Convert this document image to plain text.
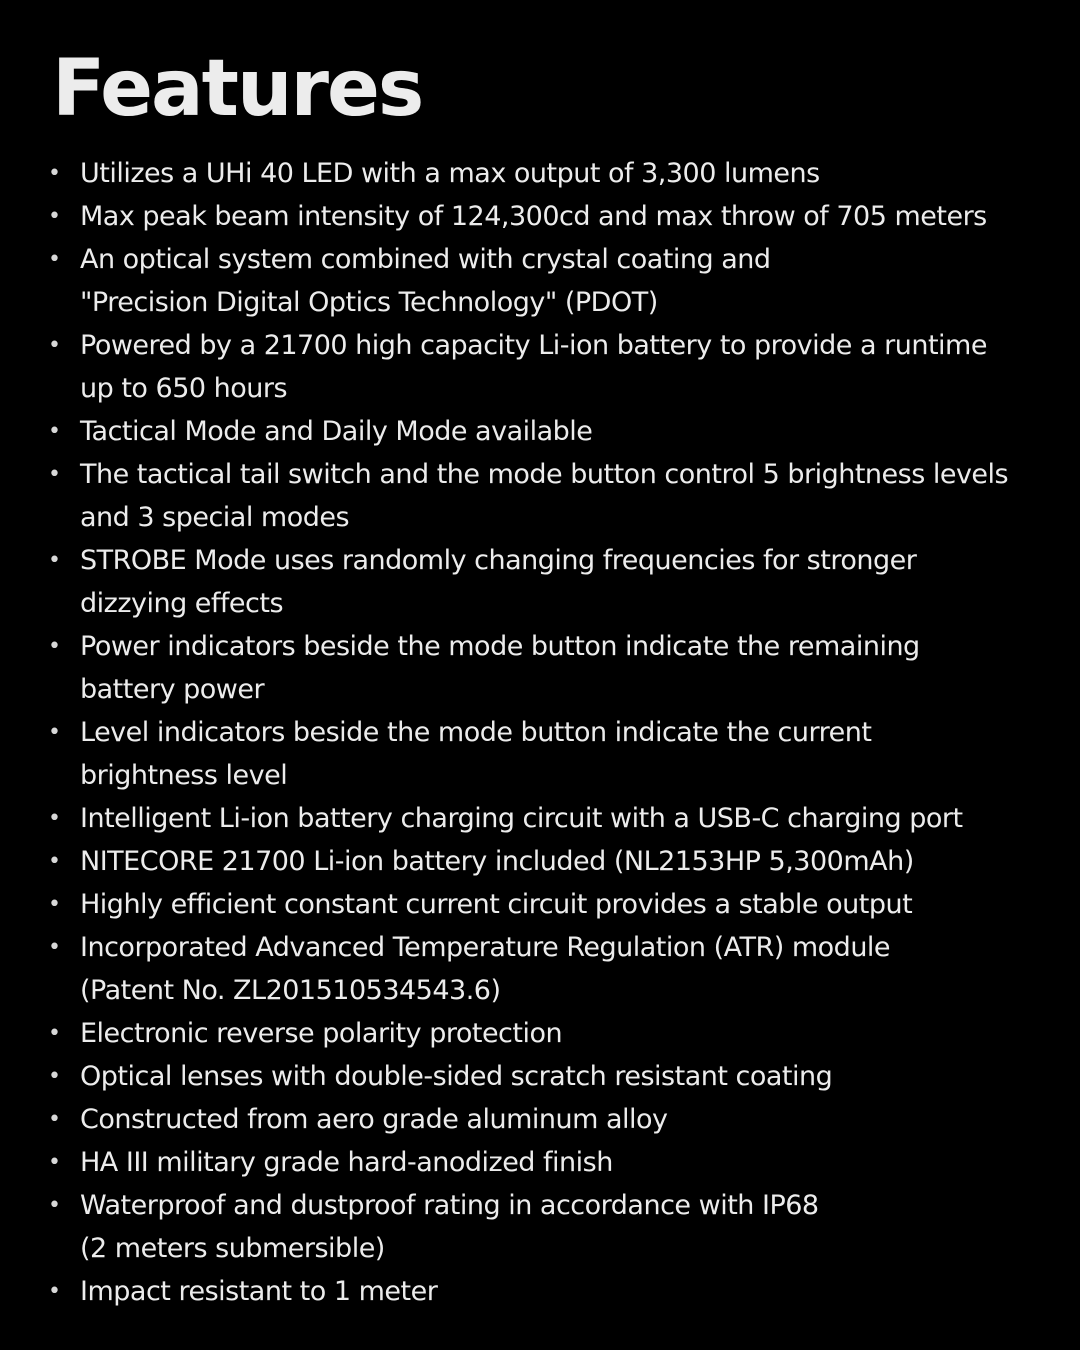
Features
• Utilizes a UHi 40 LED with a max output of 3,300 lumens
• Max peak beam intensity of 124,300cd and max throw of 705 meters
• An optical system combined with crystal coating and
"Precision Digital Optics Technology" (PDOT)
• Powered by a 21700 high capacity Li-ion battery to provide a runtime
up to 650 hours
• Tactical Mode and Daily Mode available
• The tactical tail switch and the mode button control 5 brightness levels
and 3 special modes
• STROBE Mode uses randomly changing frequencies for stronger
dizzying effects
• Power indicators beside the mode button indicate the remaining
battery power
• Level indicators beside the mode button indicate the current
brightness level
• Intelligent Li-ion battery charging circuit with a USB-C charging port
• NITECORE 21700 Li-ion battery included (NL2153HP 5,300mAh)
• Highly efficient constant current circuit provides a stable output
• Incorporated Advanced Temperature Regulation (ATR) module
(Patent No. ZL201510534543.6)
• Electronic reverse polarity protection
• Optical lenses with double-sided scratch resistant coating
• Constructed from aero grade aluminum alloy
• HA III military grade hard-anodized finish
• Waterproof and dustproof rating in accordance with IP68
(2 meters submersible)
• Impact resistant to 1 meter
